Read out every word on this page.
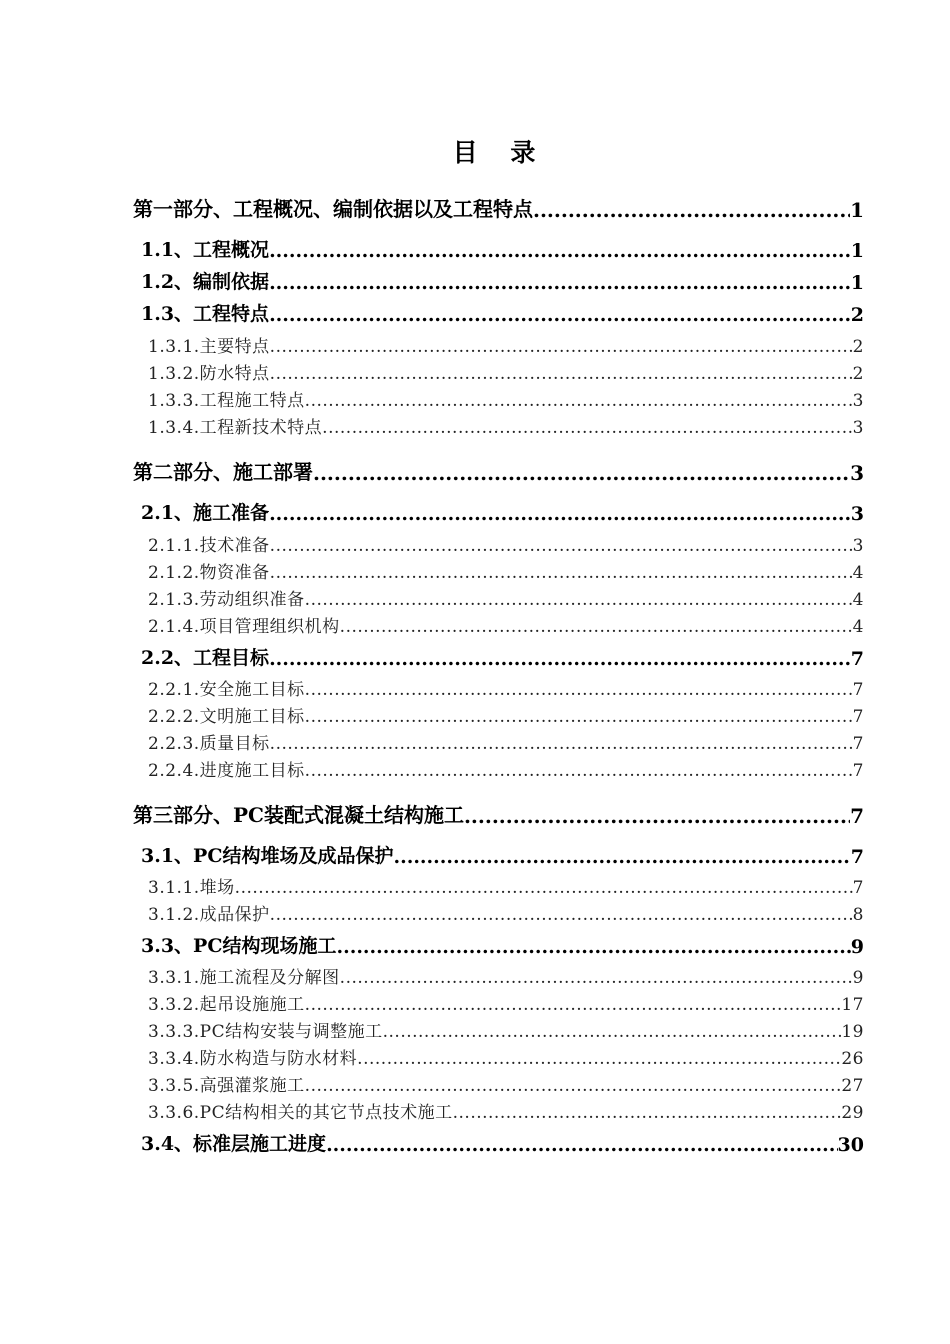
目 录
第一部分、工程概况、编制依据以及工程特点 .....	1
1.1、工程概况 .....	1
1.2、编制依据 .....	1
1.3、工程特点 .....	2
1.3.1.主要特点 .....	2
1.3.2.防水特点 .....	2
1.3.3.工程施工特点 .....	3
1.3.4.工程新技术特点 .....	3
第二部分、施工部署 .....	3
2.1、施工准备 .....	3
2.1.1.技术准备 .....	3
2.1.2.物资准备 .....	4
2.1.3.劳动组织准备 .....	4
2.1.4.项目管理组织机构 .....	4
2.2、工程目标 .....	7
2.2.1.安全施工目标 .....	7
2.2.2.文明施工目标 .....	7
2.2.3.质量目标 .....	7
2.2.4.进度施工目标 .....	7
第三部分、PC装配式混凝土结构施工 .....	7
3.1、PC结构堆场及成品保护 .....	7
3.1.1.堆场 .....	7
3.1.2.成品保护 .....	8
3.3、PC结构现场施工 .....	9
3.3.1.施工流程及分解图 .....	9
3.3.2.起吊设施施工 .....	17
3.3.3.PC结构安装与调整施工 .....	19
3.3.4.防水构造与防水材料 .....	26
3.3.5.高强灌浆施工 .....	27
3.3.6.PC结构相关的其它节点技术施工 .....	29
3.4、标准层施工进度 .....	30
